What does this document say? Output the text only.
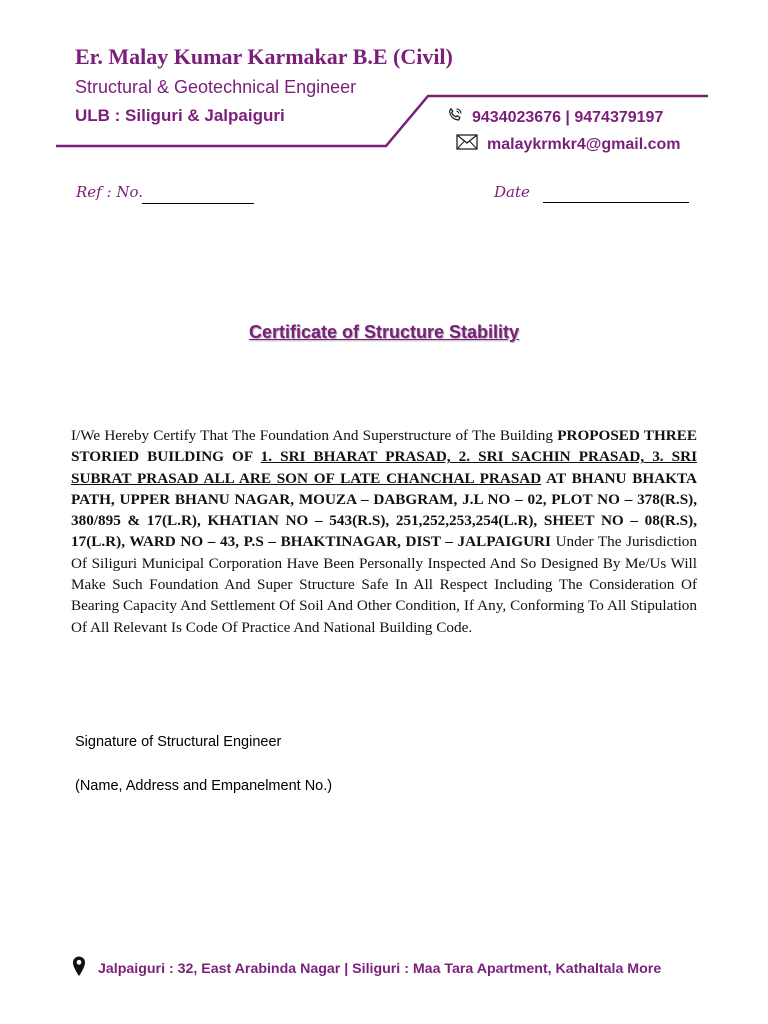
Er. Malay Kumar Karmakar B.E (Civil)
Structural & Geotechnical Engineer
ULB : Siliguri & Jalpaiguri	9434023676 | 9474379197
malaykrmkr4@gmail.com
Ref : No.	Date
Certificate of Structure Stability
I/We Hereby Certify That The Foundation And Superstructure of The Building PROPOSED THREE STORIED BUILDING OF 1. SRI BHARAT PRASAD, 2. SRI SACHIN PRASAD, 3. SRI SUBRAT PRASAD ALL ARE SON OF LATE CHANCHAL PRASAD AT BHANU BHAKTA PATH, UPPER BHANU NAGAR, MOUZA – DABGRAM, J.L NO – 02, PLOT NO – 378(R.S), 380/895 & 17(L.R), KHATIAN NO – 543(R.S), 251,252,253,254(L.R), SHEET NO – 08(R.S), 17(L.R), WARD NO – 43, P.S – BHAKTINAGAR, DIST – JALPAIGURI Under The Jurisdiction Of Siliguri Municipal Corporation Have Been Personally Inspected And So Designed By Me/Us Will Make Such Foundation And Super Structure Safe In All Respect Including The Consideration Of Bearing Capacity And Settlement Of Soil And Other Condition, If Any, Conforming To All Stipulation Of All Relevant Is Code Of Practice And National Building Code.
Signature of Structural Engineer
(Name, Address and Empanelment No.)
Jalpaiguri : 32, East Arabinda Nagar | Siliguri : Maa Tara Apartment, Kathaltala More
